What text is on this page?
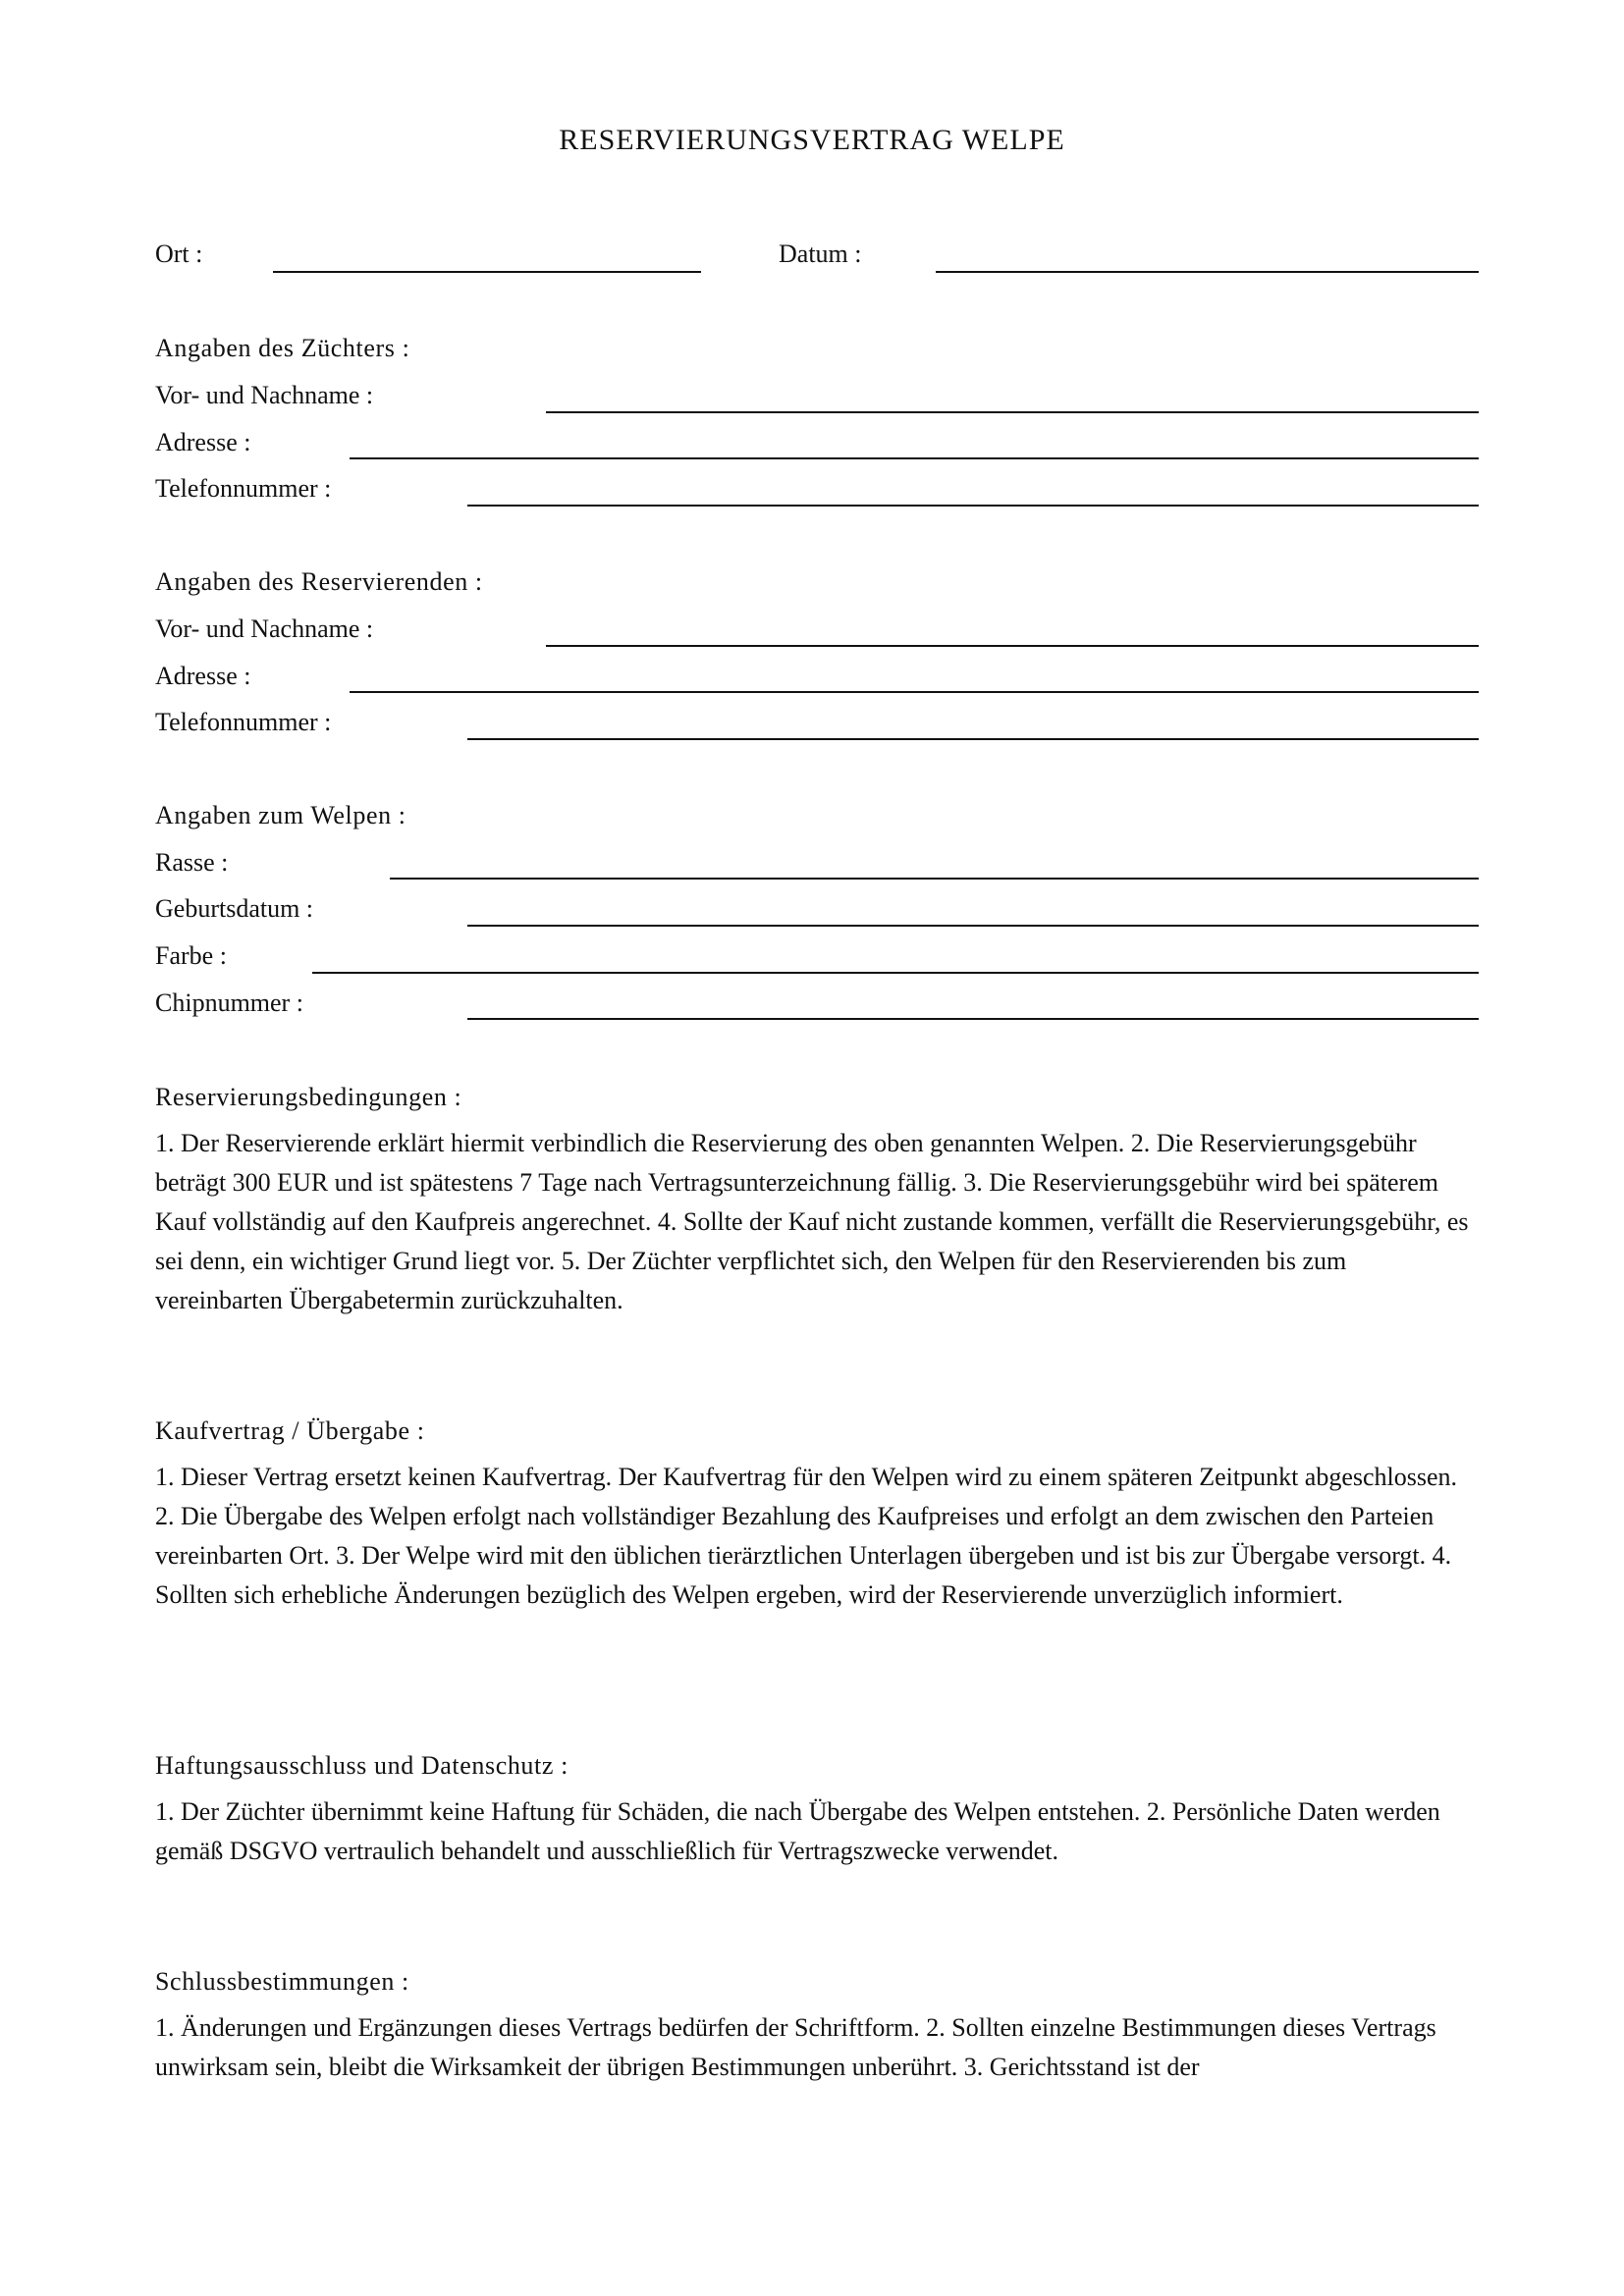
RESERVIERUNGSVERTRAG WELPE
Ort :	Datum :
Angaben des Züchters :
Vor- und Nachname :
Adresse :
Telefonnummer :
Angaben des Reservierenden :
Vor- und Nachname :
Adresse :
Telefonnummer :
Angaben zum Welpen :
Rasse :
Geburtsdatum :
Farbe :
Chipnummer :
Reservierungsbedingungen :

1. Der Reservierende erklärt hiermit verbindlich die Reservierung des oben genannten Welpen. 2. Die Reservierungsgebühr beträgt 300 EUR und ist spätestens 7 Tage nach Vertragsunterzeichnung fällig. 3. Die Reservierungsgebühr wird bei späterem Kauf vollständig auf den Kaufpreis angerechnet. 4. Sollte der Kauf nicht zustande kommen, verfällt die Reservierungsgebühr, es sei denn, ein wichtiger Grund liegt vor. 5. Der Züchter verpflichtet sich, den Welpen für den Reservierenden bis zum vereinbarten Übergabetermin zurückzuhalten.

Kaufvertrag / Übergabe :

1. Dieser Vertrag ersetzt keinen Kaufvertrag. Der Kaufvertrag für den Welpen wird zu einem späteren Zeitpunkt abgeschlossen. 2. Die Übergabe des Welpen erfolgt nach vollständiger Bezahlung des Kaufpreises und erfolgt an dem zwischen den Parteien vereinbarten Ort. 3. Der Welpe wird mit den üblichen tierärztlichen Unterlagen übergeben und ist bis zur Übergabe versorgt. 4. Sollten sich erhebliche Änderungen bezüglich des Welpen ergeben, wird der Reservierende unverzüglich informiert.

Haftungsausschluss und Datenschutz :

1. Der Züchter übernimmt keine Haftung für Schäden, die nach Übergabe des Welpen entstehen. 2. Persönliche Daten werden gemäß DSGVO vertraulich behandelt und ausschließlich für Vertragszwecke verwendet.

Schlussbestimmungen :

1. Änderungen und Ergänzungen dieses Vertrags bedürfen der Schriftform. 2. Sollten einzelne Bestimmungen dieses Vertrags unwirksam sein, bleibt die Wirksamkeit der übrigen Bestimmungen unberührt. 3. Gerichtsstand ist der
